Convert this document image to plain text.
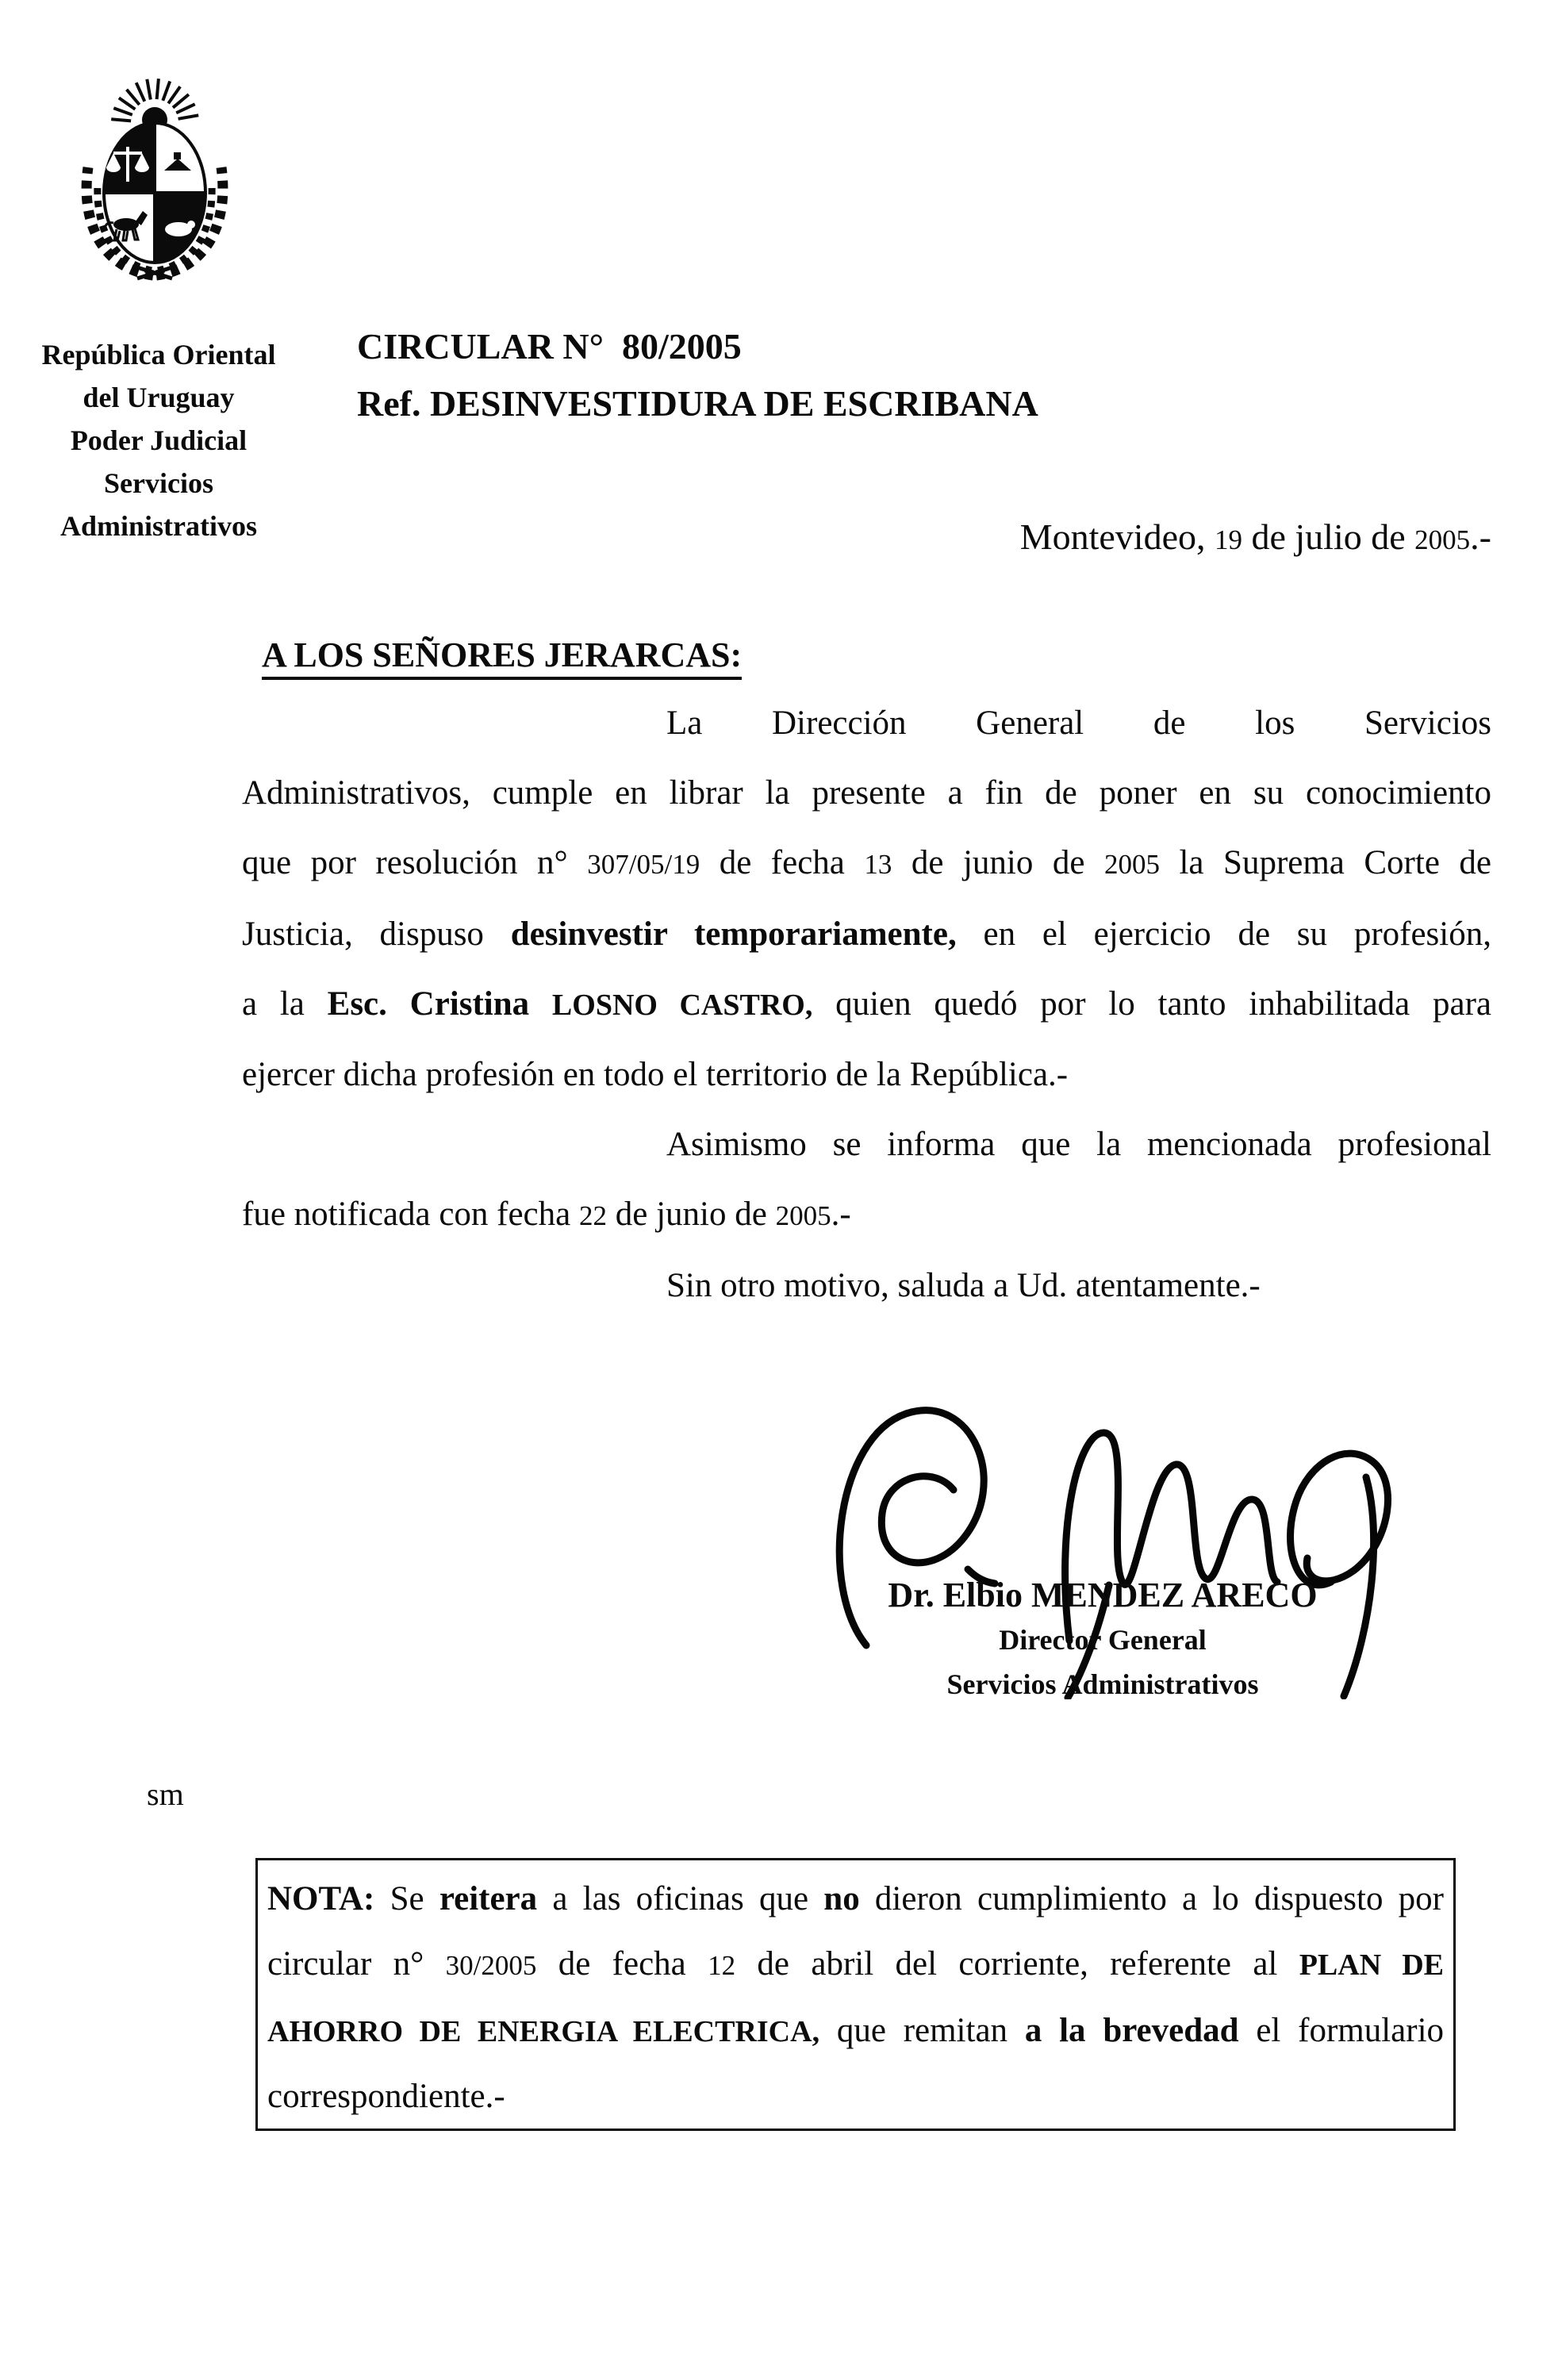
República Oriental
del Uruguay
Poder Judicial
Servicios
Administrativos
CIRCULAR N°  80/2005
Ref. DESINVESTIDURA DE ESCRIBANA
Montevideo, 19 de julio de 2005.-
A LOS SEÑORES JERARCAS:
La Dirección General de los Servicios
Administrativos, cumple en librar la presente a fin de poner en su conocimiento
que por resolución n° 307/05/19 de fecha 13 de junio de 2005 la Suprema Corte de
Justicia, dispuso desinvestir temporariamente, en el ejercicio de su profesión,
a la Esc. Cristina LOSNO CASTRO, quien quedó por lo tanto inhabilitada para
ejercer dicha profesión en todo el territorio de la República.-
Asimismo se informa que la mencionada profesional
fue notificada con fecha 22 de junio de 2005.-
Sin otro motivo, saluda a Ud. atentamente.-
Dr. Elbio MENDEZ ARECO
Director General
Servicios Administrativos
sm
NOTA: Se reitera a las oficinas que no dieron cumplimiento a lo dispuesto por
circular n° 30/2005 de fecha 12 de abril del corriente, referente al PLAN DE
AHORRO DE ENERGIA ELECTRICA, que remitan a la brevedad el formulario
correspondiente.-
